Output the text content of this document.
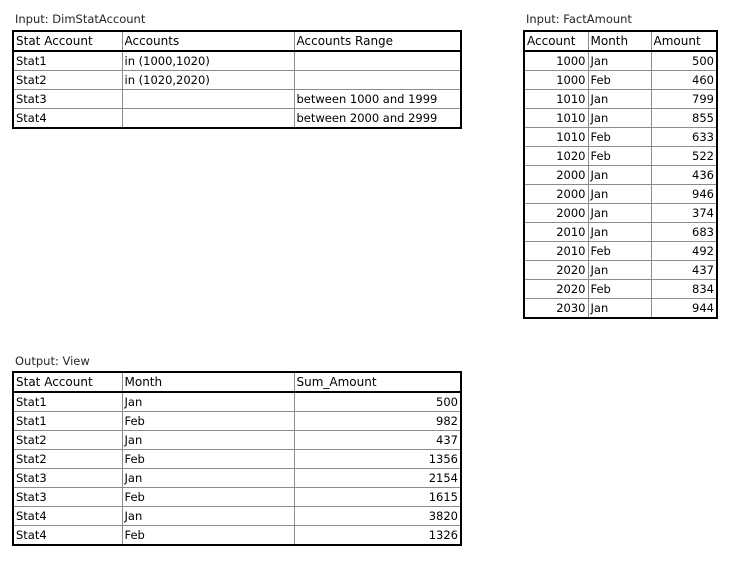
Input: DimStatAccount
Stat Account	Accounts	Accounts Range
Stat1	in (1000,1020)	
Stat2	in (1020,2020)	
Stat3		between 1000 and 1999
Stat4		between 2000 and 2999
Input: FactAmount
Account	Month	Amount
1000	Jan	500
1000	Feb	460
1010	Jan	799
1010	Jan	855
1010	Feb	633
1020	Feb	522
2000	Jan	436
2000	Jan	946
2000	Jan	374
2010	Jan	683
2010	Feb	492
2020	Jan	437
2020	Feb	834
2030	Jan	944
Output: View
Stat Account	Month	Sum_Amount
Stat1	Jan	500
Stat1	Feb	982
Stat2	Jan	437
Stat2	Feb	1356
Stat3	Jan	2154
Stat3	Feb	1615
Stat4	Jan	3820
Stat4	Feb	1326
